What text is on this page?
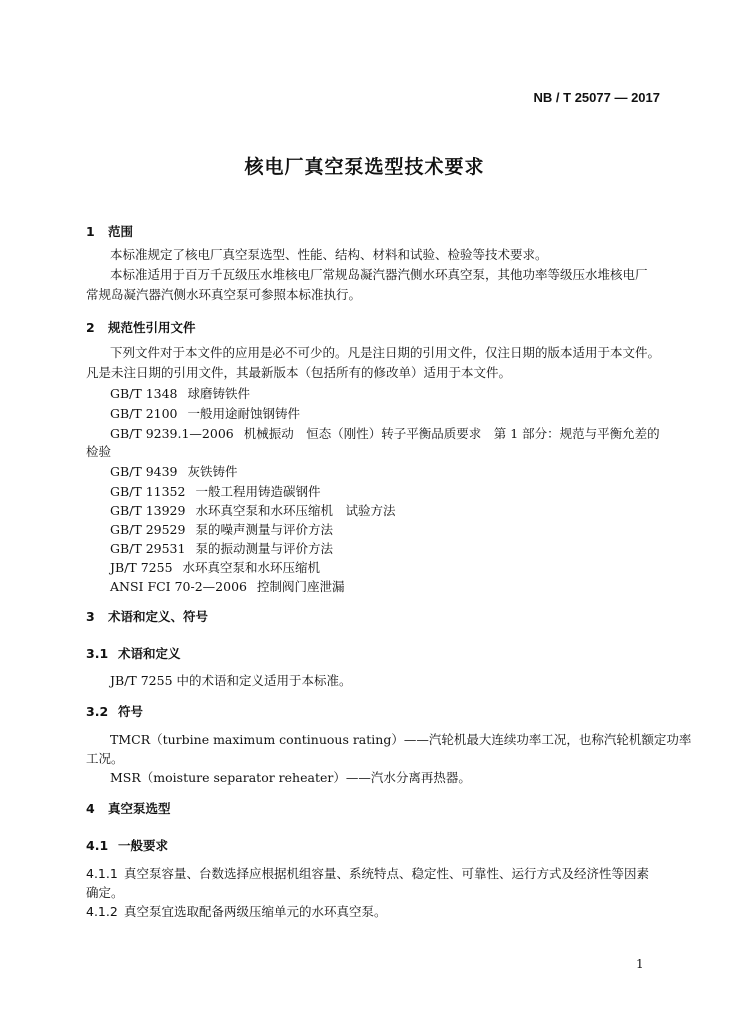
NB / T 25077 — 2017
核电厂真空泵选型技术要求
1 范围
本标准规定了核电厂真空泵选型、性能、结构、材料和试验、检验等技术要求。
本标准适用于百万千瓦级压水堆核电厂常规岛凝汽器汽侧水环真空泵，其他功率等级压水堆核电厂
常规岛凝汽器汽侧水环真空泵可参照本标准执行。
2 规范性引用文件
下列文件对于本文件的应用是必不可少的。凡是注日期的引用文件，仅注日期的版本适用于本文件。
凡是未注日期的引用文件，其最新版本（包括所有的修改单）适用于本文件。
GB/T 1348 球磨铸铁件
GB/T 2100 一般用途耐蚀钢铸件
GB/T 9239.1—2006 机械振动　恒态（刚性）转子平衡品质要求　第 1 部分：规范与平衡允差的
检验
GB/T 9439 灰铁铸件
GB/T 11352 一般工程用铸造碳钢件
GB/T 13929 水环真空泵和水环压缩机　试验方法
GB/T 29529 泵的噪声测量与评价方法
GB/T 29531 泵的振动测量与评价方法
JB/T 7255 水环真空泵和水环压缩机
ANSI FCI 70-2—2006 控制阀门座泄漏
3 术语和定义、符号
3.1 术语和定义
JB/T 7255 中的术语和定义适用于本标准。
3.2 符号
TMCR（turbine maximum continuous rating）——汽轮机最大连续功率工况，也称汽轮机额定功率
工况。
MSR（moisture separator reheater）——汽水分离再热器。
4 真空泵选型
4.1 一般要求
4.1.1 真空泵容量、台数选择应根据机组容量、系统特点、稳定性、可靠性、运行方式及经济性等因素
确定。
4.1.2 真空泵宜选取配备两级压缩单元的水环真空泵。
1
